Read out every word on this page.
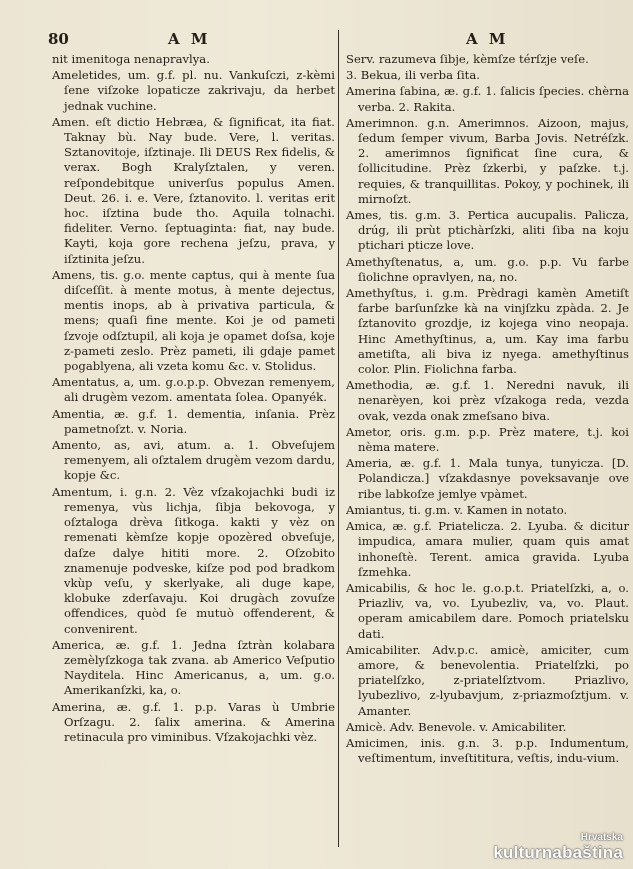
80	A M	A M

nit imenitoga nenapravlya.

Ameletides, um. g.f. pl. nu. Vankuſczi, z-kèmi ſene viſzoke lopaticze zakrivaju, da herbet jednak vuchine.

Amen. eſt dictio Hebræa, & ſignificat, ita fiat. Taknay bù. Nay bude. Vere, l. veritas. Sztanovitoje, iſztinaje. Ili DEUS Rex fidelis, & verax. Bogh Kralyſztalen, y veren. reſpondebitque univerſus populus Amen. Deut. 26. i. e. Vere, ſztanovito. l. veritas erit hoc. iſztina bude tho. Aquila tolnachi. fideliter. Verno. ſeptuaginta: fiat, nay bude. Kayti, koja gore rechena jeſzu, prava, y iſztinita jeſzu.

Amens, tis. g.o. mente captus, qui à mente ſua diſceſſit. à mente motus, à mente dejectus, mentis inops, ab à privativa particula, & mens; quaſi fine mente. Koi je od pameti ſzvoje odſztupil, ali koja je opamet doſsa, koje z-pameti zeslo. Prèz pameti, ili gdaje pamet pogablyena, ali vzeta komu &c. v. Stolidus.

Amentatus, a, um. g.o.p.p. Obvezan remenyem, ali drugèm vezom. amentata ſolea. Opanyék.

Amentia, æ. g.f. 1. dementia, inſania. Prèz pametnoſzt. v. Noria.

Amento, as, avi, atum. a. 1. Obveſujem remenyem, ali oſztalem drugèm vezom dardu, kopje &c.

Amentum, i. g.n. 2. Vèz vſzakojachki budi iz remenya, vùs lichja, ſibja bekovoga, y oſztaloga drèva ſitkoga. kakti y vèz on remenati kèmſze kopje opozèred obveſuje, daſze dalye hititi more. 2. Oſzobito znamenuje podveske, kiſze pod pod bradkom vkùp veſu, y skerlyake, ali duge kape, klobuke zderſavaju. Koi drugàch zovuſze offendices, quòd ſe mutuò offenderent, & convenirent.

America, æ. g.f. 1. Jedna ſztràn kolabara zemèlyſzkoga tak zvana. ab Americo Veſputio Nayditela. Hinc Americanus, a, um. g.o. Amerikanſzki, ka, o.

Amerina, æ. g.f. 1. p.p. Varas ù Umbrie Orſzagu. 2. ſalix amerina. & Amerina retinacula pro viminibus. Vſzakojachki vèz.

Serv. razumeva ſibje, kèmſze térſzje veſe.

3. Bekua, ili verba ſita.

Amerina ſabina, æ. g.f. 1. ſalicis ſpecies. chèrna verba. 2. Rakita.

Amerimnon. g.n. Amerimnos. Aizoon, majus, ſedum ſemper vivum, Barba Jovis. Netréſzk. 2. amerimnos ſignificat ſine cura, & ſollicitudine. Prèz ſzkerbi, y paſzke. t.j. requies, & tranquillitas. Pokoy, y pochinek, ili mirnoſzt.

Ames, tis. g.m. 3. Pertica aucupalis. Palicza, drúg, ili prùt ptichàrſzki, aliti ſiba na koju ptichari pticze love.

Amethyſtenatus, a, um. g.o. p.p. Vu farbe ſiolichne opravlyen, na, no.

Amethyſtus, i. g.m. Prèdragi kamèn Ametiſt farbe barſunſzke kà na vinjſzku zpàda. 2. Je ſztanovito grozdje, iz kojega vino neopaja. Hinc Amethyſtinus, a, um. Kay ima farbu ametiſta, ali biva iz nyega. amethyſtinus color. Plin. Fiolichna farba.

Amethodia, æ. g.f. 1. Neredni navuk, ili nenarèyen, koi prèz vſzakoga reda, vezda ovak, vezda onak zmeſsano biva.

Ametor, oris. g.m. p.p. Prèz matere, t.j. koi nèma matere.

Ameria, æ. g.f. 1. Mala tunya, tunyicza. [D. Polandicza.] vſzakdasnye poveksavanje ove ribe labkoſze jemlye vpàmet.

Amiantus, ti. g.m. v. Kamen in notato.

Amica, æ. g.f. Priatelicza. 2. Lyuba. & dicitur impudica, amara mulier, quam quis amat inhoneſtè. Terent. amica gravida. Lyuba ſzmehka.

Amicabilis, & hoc le. g.o.p.t. Priatelſzki, a, o. Priazliv, va, vo. Lyubezliv, va, vo. Plaut. operam amicabilem dare. Pomoch priatelsku dati.

Amicabiliter. Adv.p.c. amicè, amiciter, cum amore, & benevolentia. Priatelſzki, po priatelſzko, z-priatelſztvom. Priazlivo, lyubezlivo, z-lyubavjum, z-priazmoſztjum. v. Amanter.

Amicè. Adv. Benevole. v. Amicabiliter.

Amicimen, inis. g.n. 3. p.p. Indumentum, veſtimentum, inveſtititura, veſtis, indu-vium.

Hrvatska
kulturnabaština
